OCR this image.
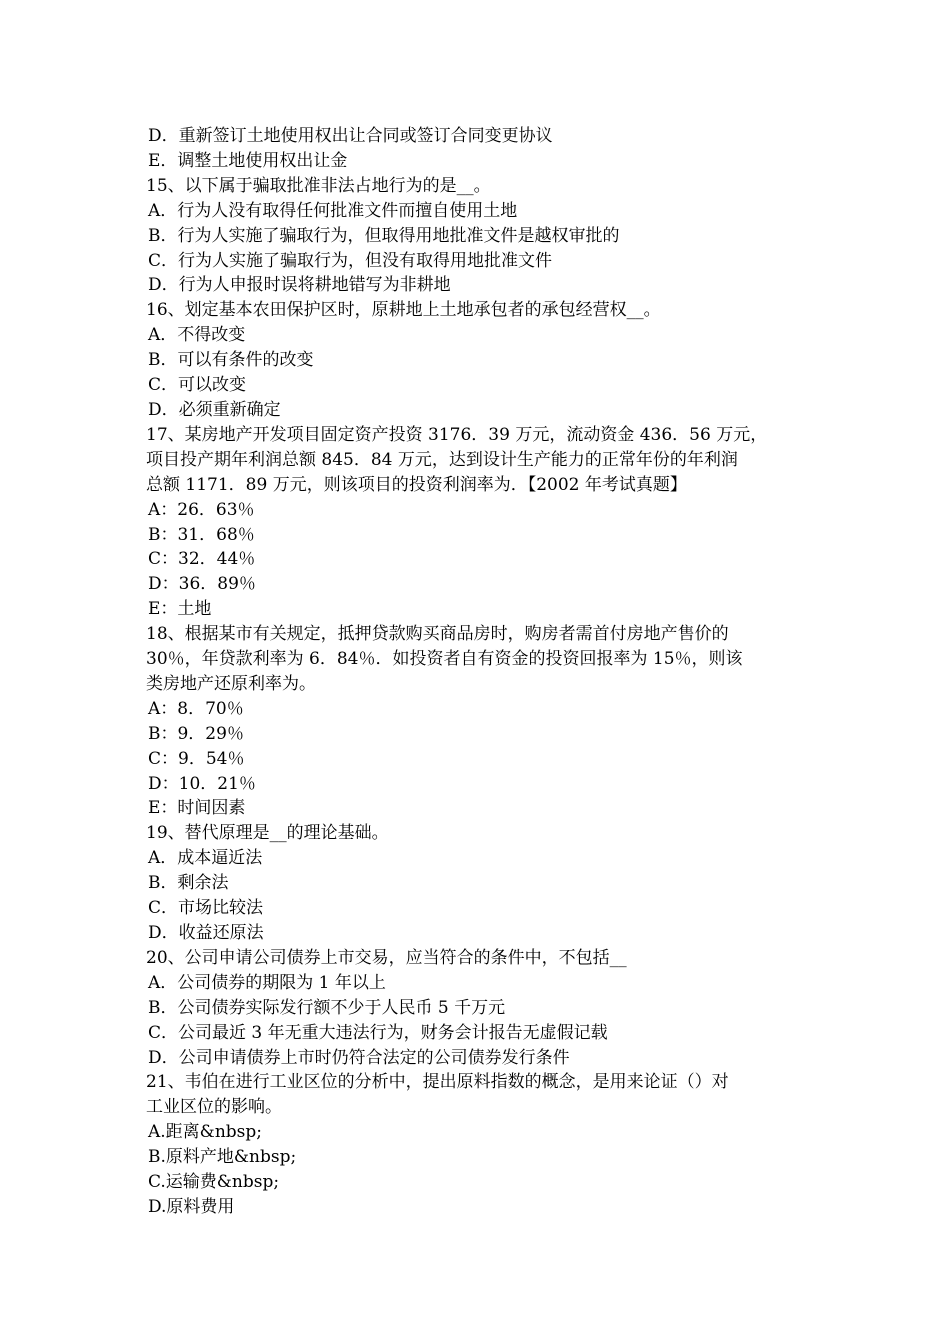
D．重新签订土地使用权出让合同或签订合同变更协议
E．调整土地使用权出让金
15、以下属于骗取批准非法占地行为的是__。
A．行为人没有取得任何批准文件而擅自使用土地
B．行为人实施了骗取行为，但取得用地批准文件是越权审批的
C．行为人实施了骗取行为，但没有取得用地批准文件
D．行为人申报时误将耕地错写为非耕地
16、划定基本农田保护区时，原耕地上土地承包者的承包经营权__。
A．不得改变
B．可以有条件的改变
C．可以改变
D．必须重新确定
17、某房地产开发项目固定资产投资 3176．39 万元，流动资金 436．56 万元，
项目投产期年利润总额 845．84 万元，达到设计生产能力的正常年份的年利润
总额 1171．89 万元，则该项目的投资利润率为．【2002 年考试真题】
A：26．63％
B：31．68％
C：32．44％
D：36．89％
E：土地
18、根据某市有关规定，抵押贷款购买商品房时，购房者需首付房地产售价的
30％，年贷款利率为 6．84％．如投资者自有资金的投资回报率为 15％，则该
类房地产还原利率为。
A：8．70％
B：9．29％
C：9．54％
D：10．21％
E：时间因素
19、替代原理是__的理论基础。
A．成本逼近法
B．剩余法
C．市场比较法
D．收益还原法
20、公司申请公司债券上市交易，应当符合的条件中，不包括__
A．公司债券的期限为 1 年以上
B．公司债券实际发行额不少于人民币 5 千万元
C．公司最近 3 年无重大违法行为，财务会计报告无虚假记载
D．公司申请债券上市时仍符合法定的公司债券发行条件
21、韦伯在进行工业区位的分析中，提出原料指数的概念，是用来论证（）对
工业区位的影响。
A.距离&nbsp;
B.原料产地&nbsp;
C.运输费&nbsp;
D.原料费用
